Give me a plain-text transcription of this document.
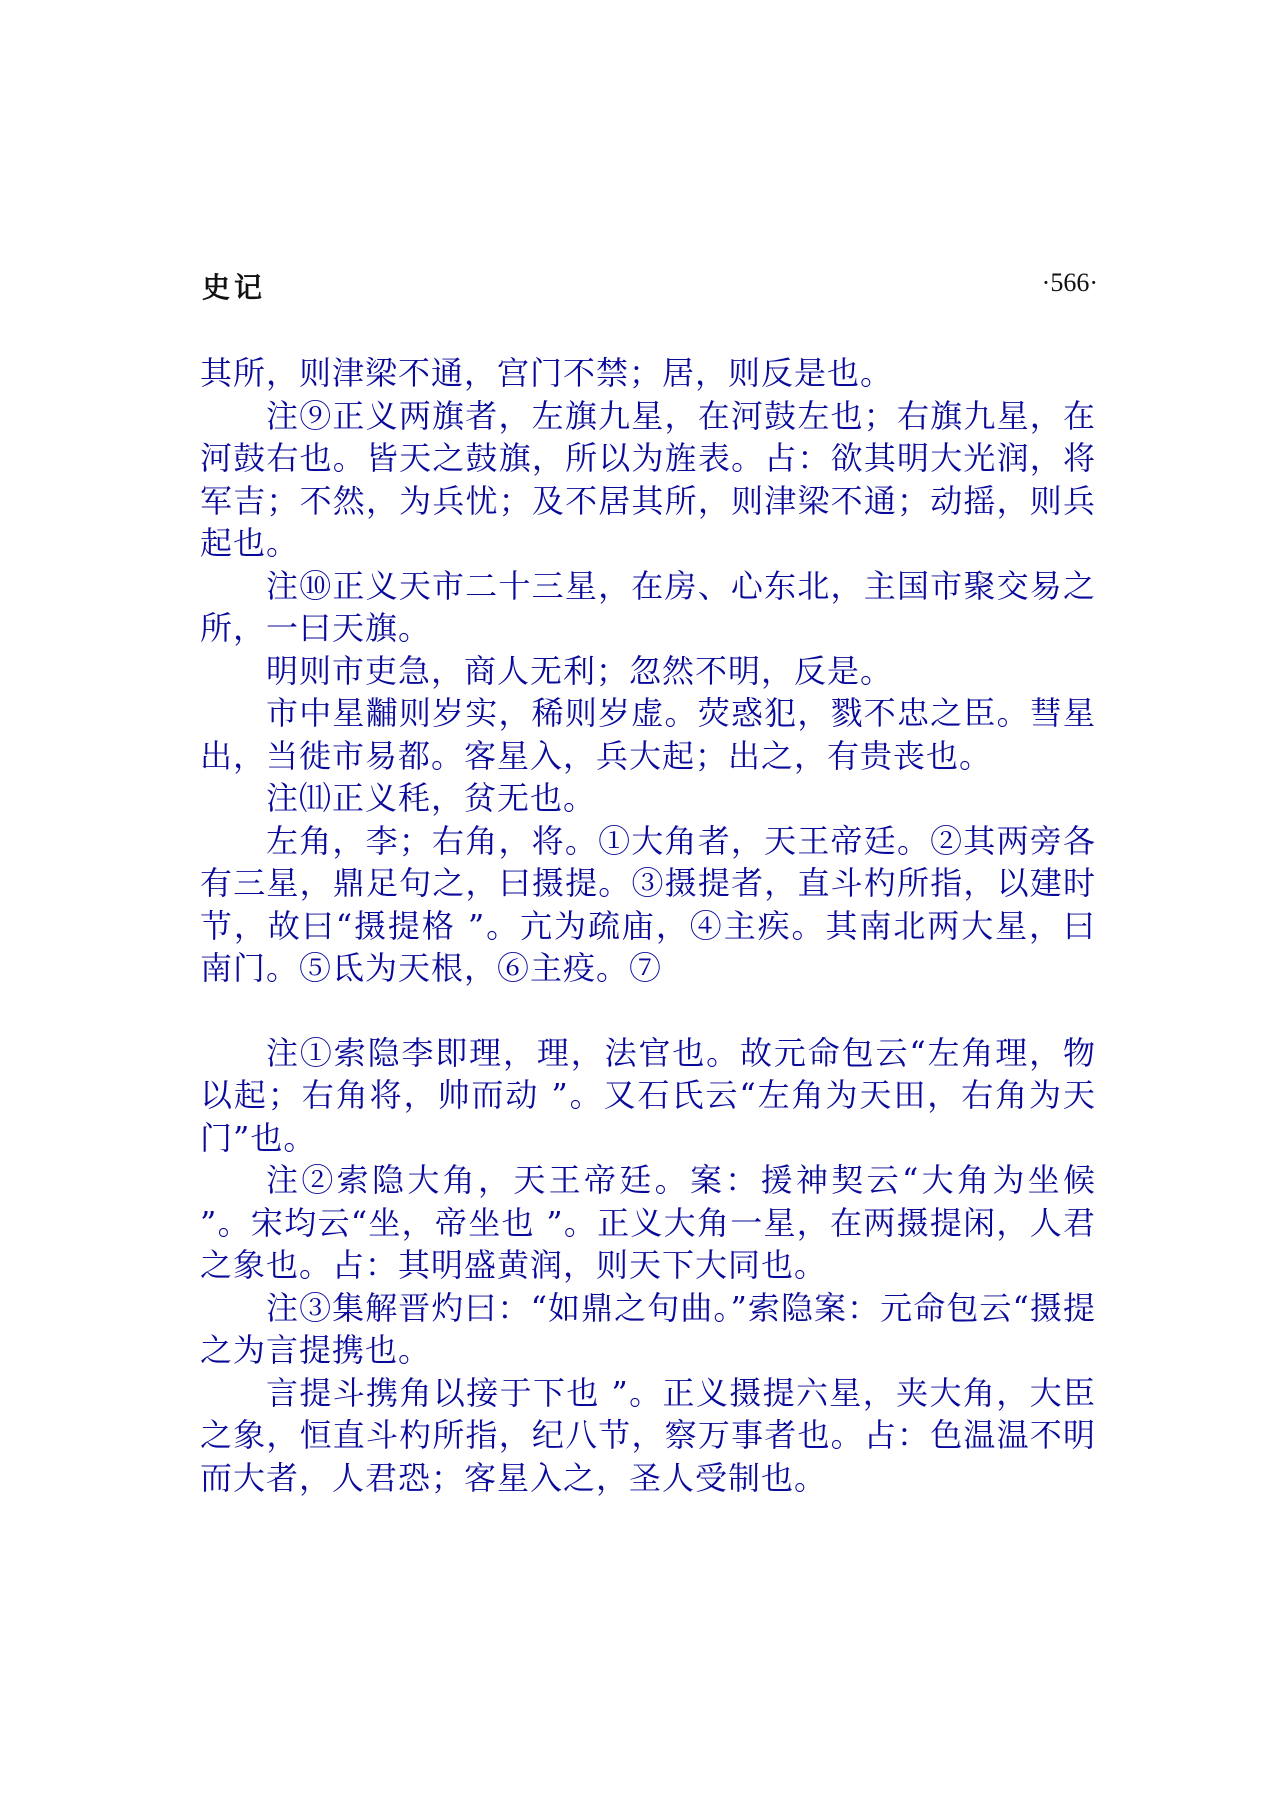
史记	·566·

其所，则津梁不通，宫门不禁；居，则反是也。

注⑨正义两旗者，左旗九星，在河鼓左也；右旗九星，在河鼓右也。皆天之鼓旗，所以为旌表。占：欲其明大光润，将军吉；不然，为兵忧；及不居其所，则津梁不通；动摇，则兵起也。

注⑩正义天市二十三星，在房、心东北，主国市聚交易之所，一曰天旗。

明则市吏急，商人无利；忽然不明，反是。

市中星黼则岁实，稀则岁虚。荧惑犯，戮不忠之臣。彗星出，当徙市易都。客星入，兵大起；出之，有贵丧也。

注⑾正义秏，贫无也。

左角，李；右角，将。①大角者，天王帝廷。②其两旁各有三星，鼎足句之，曰摄提。③摄提者，直斗杓所指，以建时节，故曰“摄提格 ”。亢为疏庙，④主疾。其南北两大星，曰南门。⑤氐为天根，⑥主疫。⑦

注①索隐李即理，理，法官也。故元命包云“左角理，物以起；右角将，帅而动 ”。又石氏云“左角为天田，右角为天门”也。

注②索隐大角，天王帝廷。案：援神契云“大角为坐候 ”。宋均云“坐，帝坐也 ”。正义大角一星，在两摄提闲，人君之象也。占：其明盛黄润，则天下大同也。

注③集解晋灼曰：“如鼎之句曲。”索隐案：元命包云“摄提之为言提携也。

言提斗携角以接于下也 ”。正义摄提六星，夹大角，大臣之象，恒直斗杓所指，纪八节，察万事者也。占：色温温不明而大者，人君恐；客星入之，圣人受制也。
